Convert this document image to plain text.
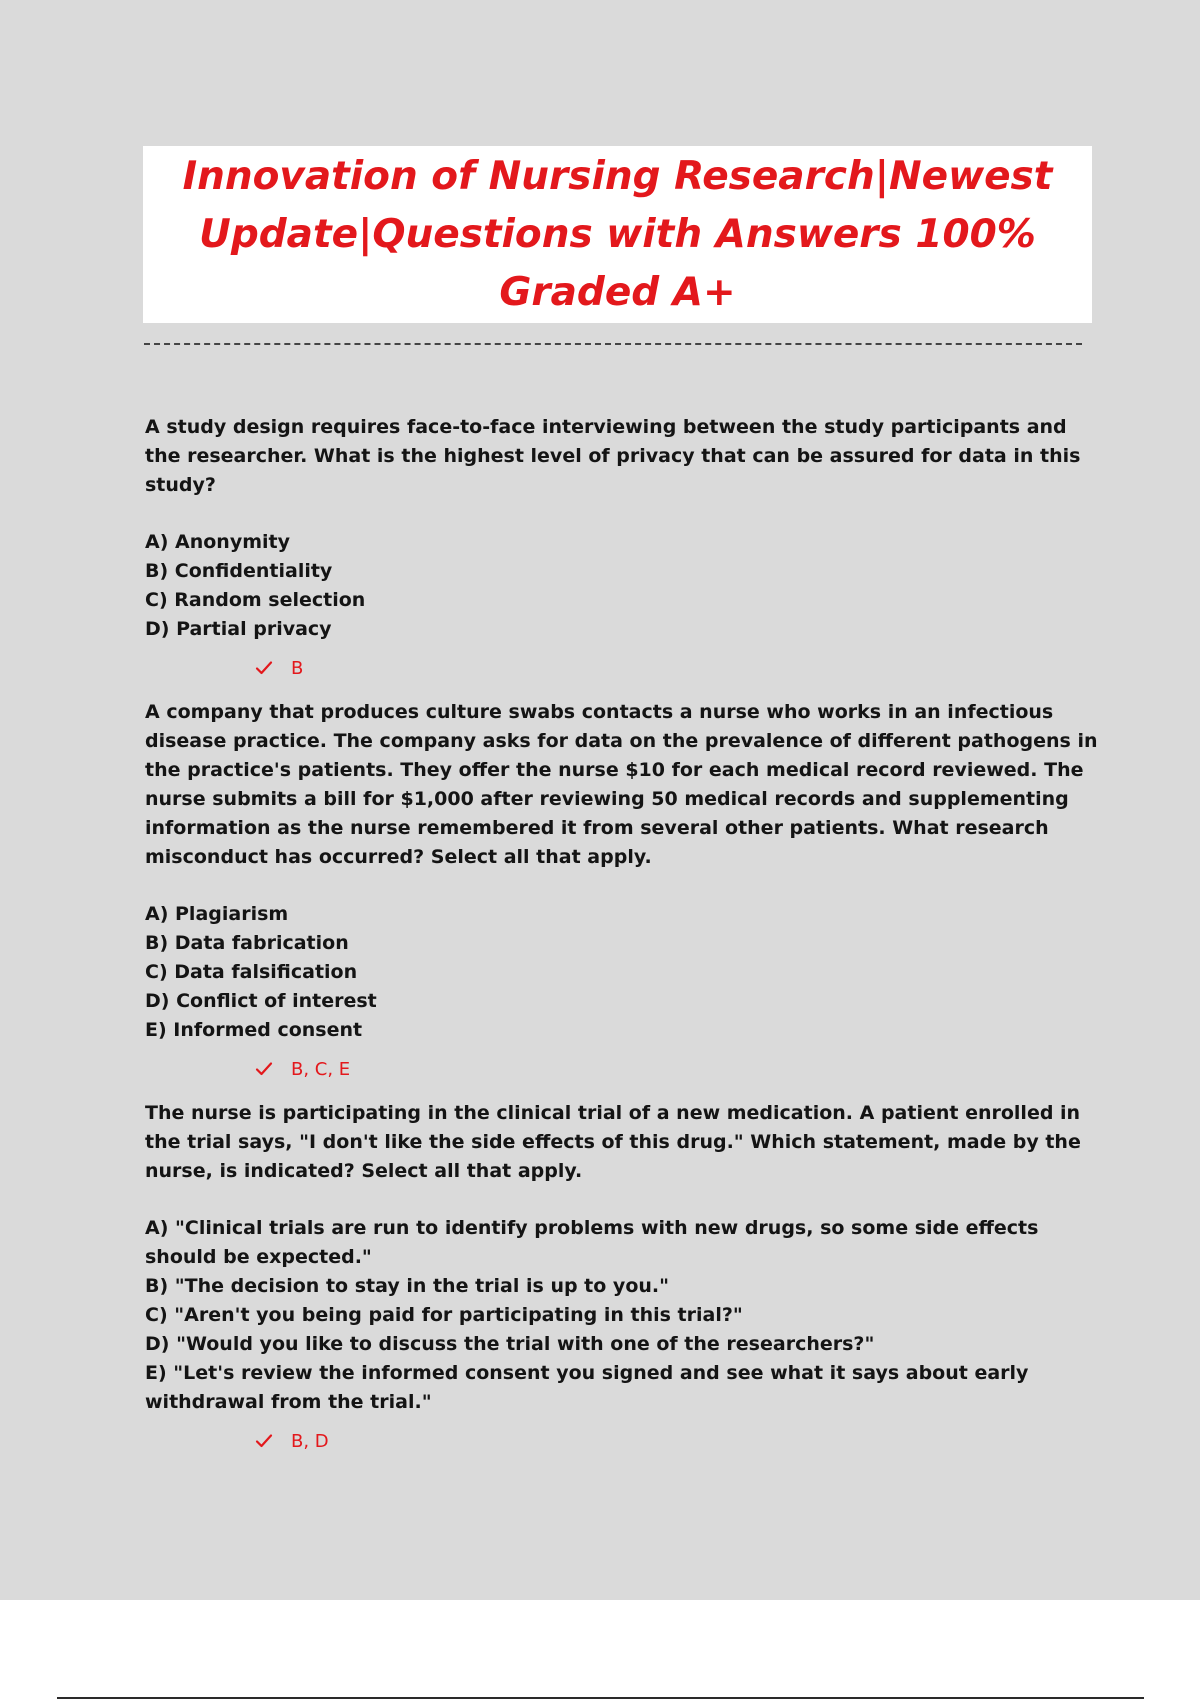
Innovation of Nursing Research|Newest
Update|Questions with Answers 100%
Graded A+

A study design requires face-to-face interviewing between the study participants and the researcher. What is the highest level of privacy that can be assured for data in this study?

A) Anonymity
B) Confidentiality
C) Random selection
D) Partial privacy
B

A company that produces culture swabs contacts a nurse who works in an infectious disease practice. The company asks for data on the prevalence of different pathogens in the practice's patients. They offer the nurse $10 for each medical record reviewed. The nurse submits a bill for $1,000 after reviewing 50 medical records and supplementing information as the nurse remembered it from several other patients. What research misconduct has occurred? Select all that apply.

A) Plagiarism
B) Data fabrication
C) Data falsification
D) Conflict of interest
E) Informed consent
B, C, E

The nurse is participating in the clinical trial of a new medication. A patient enrolled in the trial says, "I don't like the side effects of this drug." Which statement, made by the nurse, is indicated? Select all that apply.

A) "Clinical trials are run to identify problems with new drugs, so some side effects should be expected."
B) "The decision to stay in the trial is up to you."
C) "Aren't you being paid for participating in this trial?"
D) "Would you like to discuss the trial with one of the researchers?"
E) "Let's review the informed consent you signed and see what it says about early withdrawal from the trial."
B, D
